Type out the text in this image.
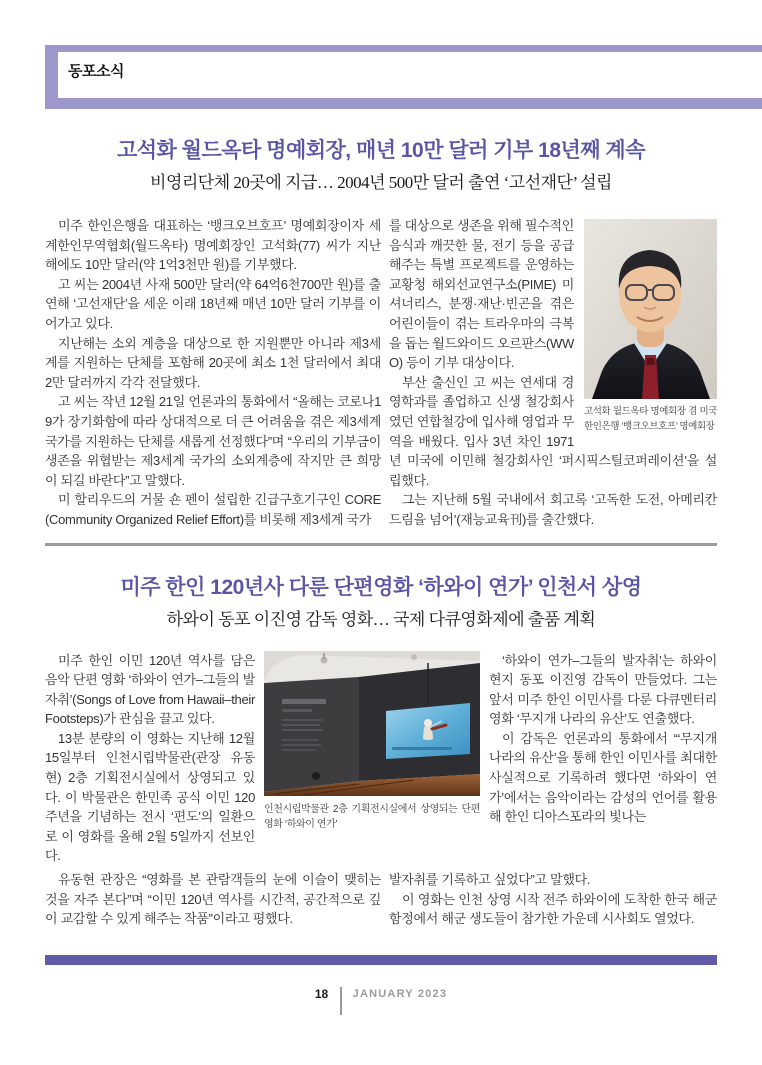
동포소식
고석화 월드옥타 명예회장, 매년 10만 달러 기부 18년째 계속
비영리단체 20곳에 지급… 2004년 500만 달러 출연 ‘고선재단’ 설립

미주 한인은행을 대표하는 ‘뱅크오브호프’ 명예회장이자 세계한인무역협회(월드옥타) 명예회장인 고석화(77) 씨가 지난해에도 10만 달러(약 1억3천만 원)를 기부했다.

고 씨는 2004년 사재 500만 달러(약 64억6천700만 원)를 출연해 ‘고선재단’을 세운 이래 18년째 매년 10만 달러 기부를 이어가고 있다.

지난해는 소외 계층을 대상으로 한 지원뿐만 아니라 제3세계를 지원하는 단체를 포함해 20곳에 최소 1천 달러에서 최대 2만 달러까지 각각 전달했다.

고 씨는 작년 12월 21일 언론과의 통화에서 “올해는 코로나19가 장기화함에 따라 상대적으로 더 큰 어려움을 겪은 제3세계 국가를 지원하는 단체를 새롭게 선정했다”며 “우리의 기부금이 생존을 위협받는 제3세계 국가의 소외계층에 작지만 큰 희망이 되길 바란다”고 말했다.

미 할리우드의 거물 숀 펜이 설립한 긴급구호기구인 CORE (Community Organized Relief Effort)를 비롯해 제3세계 국가

고석화 월드옥타 명예회장 겸 미국 한인은행 ‘뱅크오브호프’ 명예회장

를 대상으로 생존을 위해 필수적인 음식과 깨끗한 물, 전기 등을 공급해주는 특별 프로젝트를 운영하는 교황청 해외선교연구소(PIME) 미셔너리스, 분쟁·재난·빈곤을 겪은 어린이들이 겪는 트라우마의 극복을 돕는 월드와이드 오르판스(WWO) 등이 기부 대상이다.

부산 출신인 고 씨는 연세대 경영학과를 졸업하고 신생 철강회사였던 연합철강에 입사해 영업과 무역을 배웠다. 입사 3년 차인 1971년 미국에 이민해 철강회사인 ‘퍼시픽스틸코퍼레이션’을 설립했다.

그는 지난해 5월 국내에서 회고록 ‘고독한 도전, 아메리칸드림을 넘어’(재능교육刊)를 출간했다.

미주 한인 120년사 다룬 단편영화 ‘하와이 연가’ 인천서 상영
하와이 동포 이진영 감독 영화… 국제 다큐영화제에 출품 계획

미주 한인 이민 120년 역사를 담은 음악 단편 영화 ‘하와이 연가–그들의 발자취’(Songs of Love from Hawaii–their Footsteps)가 관심을 끌고 있다.

13분 분량의 이 영화는 지난해 12월 15일부터 인천시립박물관(관장 유동현) 2층 기획전시실에서 상영되고 있다. 이 박물관은 한민족 공식 이민 120주년을 기념하는 전시 ‘편도’의 일환으로 이 영화를 올해 2월 5일까지 선보인다.

인천시립박물관 2층 기획전시실에서 상영되는 단편영화 ‘하와이 연가’

‘하와이 연가–그들의 발자취’는 하와이 현지 동포 이진영 감독이 만들었다. 그는 앞서 미주 한인 이민사를 다룬 다큐멘터리 영화 ‘무지개 나라의 유산’도 연출했다.

이 감독은 언론과의 통화에서 “‘무지개 나라의 유산’을 통해 한인 이민사를 최대한 사실적으로 기록하려 했다면 ‘하와이 연가’에서는 음악이라는 감성의 언어를 활용해 한인 디아스포라의 빛나는

유동현 관장은 “영화를 본 관람객들의 눈에 이슬이 맺히는 것을 자주 본다”며 “이민 120년 역사를 시간적, 공간적으로 깊이 교감할 수 있게 해주는 작품”이라고 평했다.

발자취를 기록하고 싶었다”고 말했다.

이 영화는 인천 상영 시작 전주 하와이에 도착한 한국 해군 함정에서 해군 생도들이 참가한 가운데 시사회도 열었다.

18 JANUARY 2023
